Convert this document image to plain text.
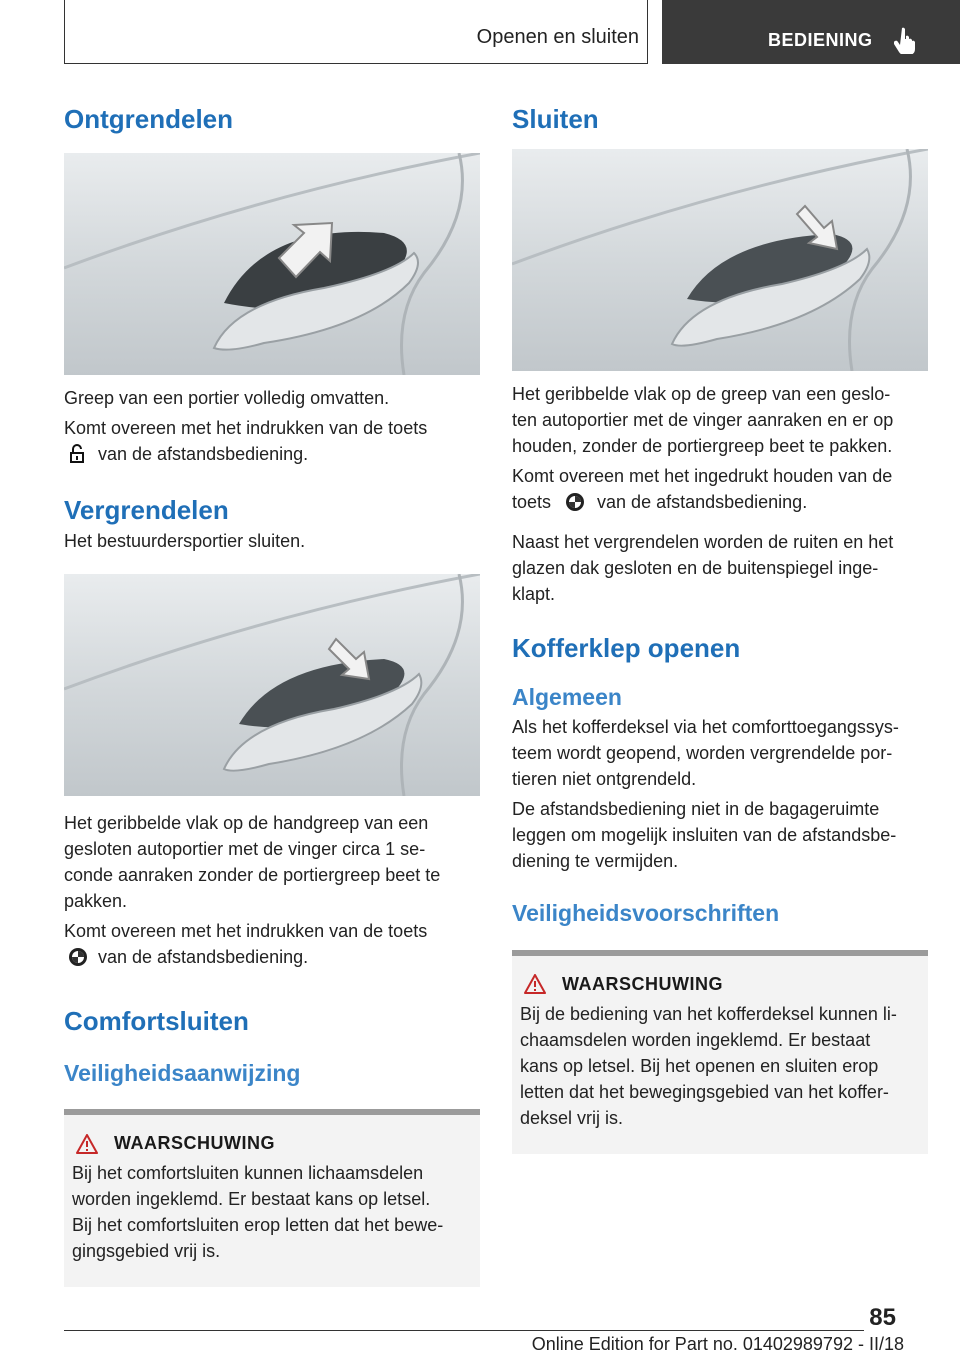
Openen en sluiten	BEDIENING
Ontgrendelen

Greep van een portier volledig omvatten.

Komt overeen met het indrukken van de toets
van de afstandsbediening.

Vergrendelen

Het bestuurdersportier sluiten.

Het geribbelde vlak op de handgreep van een
gesloten autoportier met de vinger circa 1 se-
conde aanraken zonder de portiergreep beet te
pakken.

Komt overeen met het indrukken van de toets
van de afstandsbediening.

Comfortsluiten
Veiligheidsaanwijzing
WAARSCHUWING

Bij het comfortsluiten kunnen lichaamsdelen
worden ingeklemd. Er bestaat kans op letsel.
Bij het comfortsluiten erop letten dat het bewe-
gingsgebied vrij is.

Sluiten

Het geribbelde vlak op de greep van een geslo-
ten autoportier met de vinger aanraken en er op
houden, zonder de portiergreep beet te pakken.

Komt overeen met het ingedrukt houden van de
toets	van de afstandsbediening.

Naast het vergrendelen worden de ruiten en het
glazen dak gesloten en de buitenspiegel inge-
klapt.

Kofferklep openen
Algemeen

Als het kofferdeksel via het comforttoegangssys-
teem wordt geopend, worden vergrendelde por-
tieren niet ontgrendeld.

De afstandsbediening niet in de bagageruimte
leggen om mogelijk insluiten van de afstandsbe-
diening te vermijden.

Veiligheidsvoorschriften
WAARSCHUWING

Bij de bediening van het kofferdeksel kunnen li-
chaamsdelen worden ingeklemd. Er bestaat
kans op letsel. Bij het openen en sluiten erop
letten dat het bewegingsgebied van het koffer-
deksel vrij is.

85
Online Edition for Part no. 01402989792 - II/18
